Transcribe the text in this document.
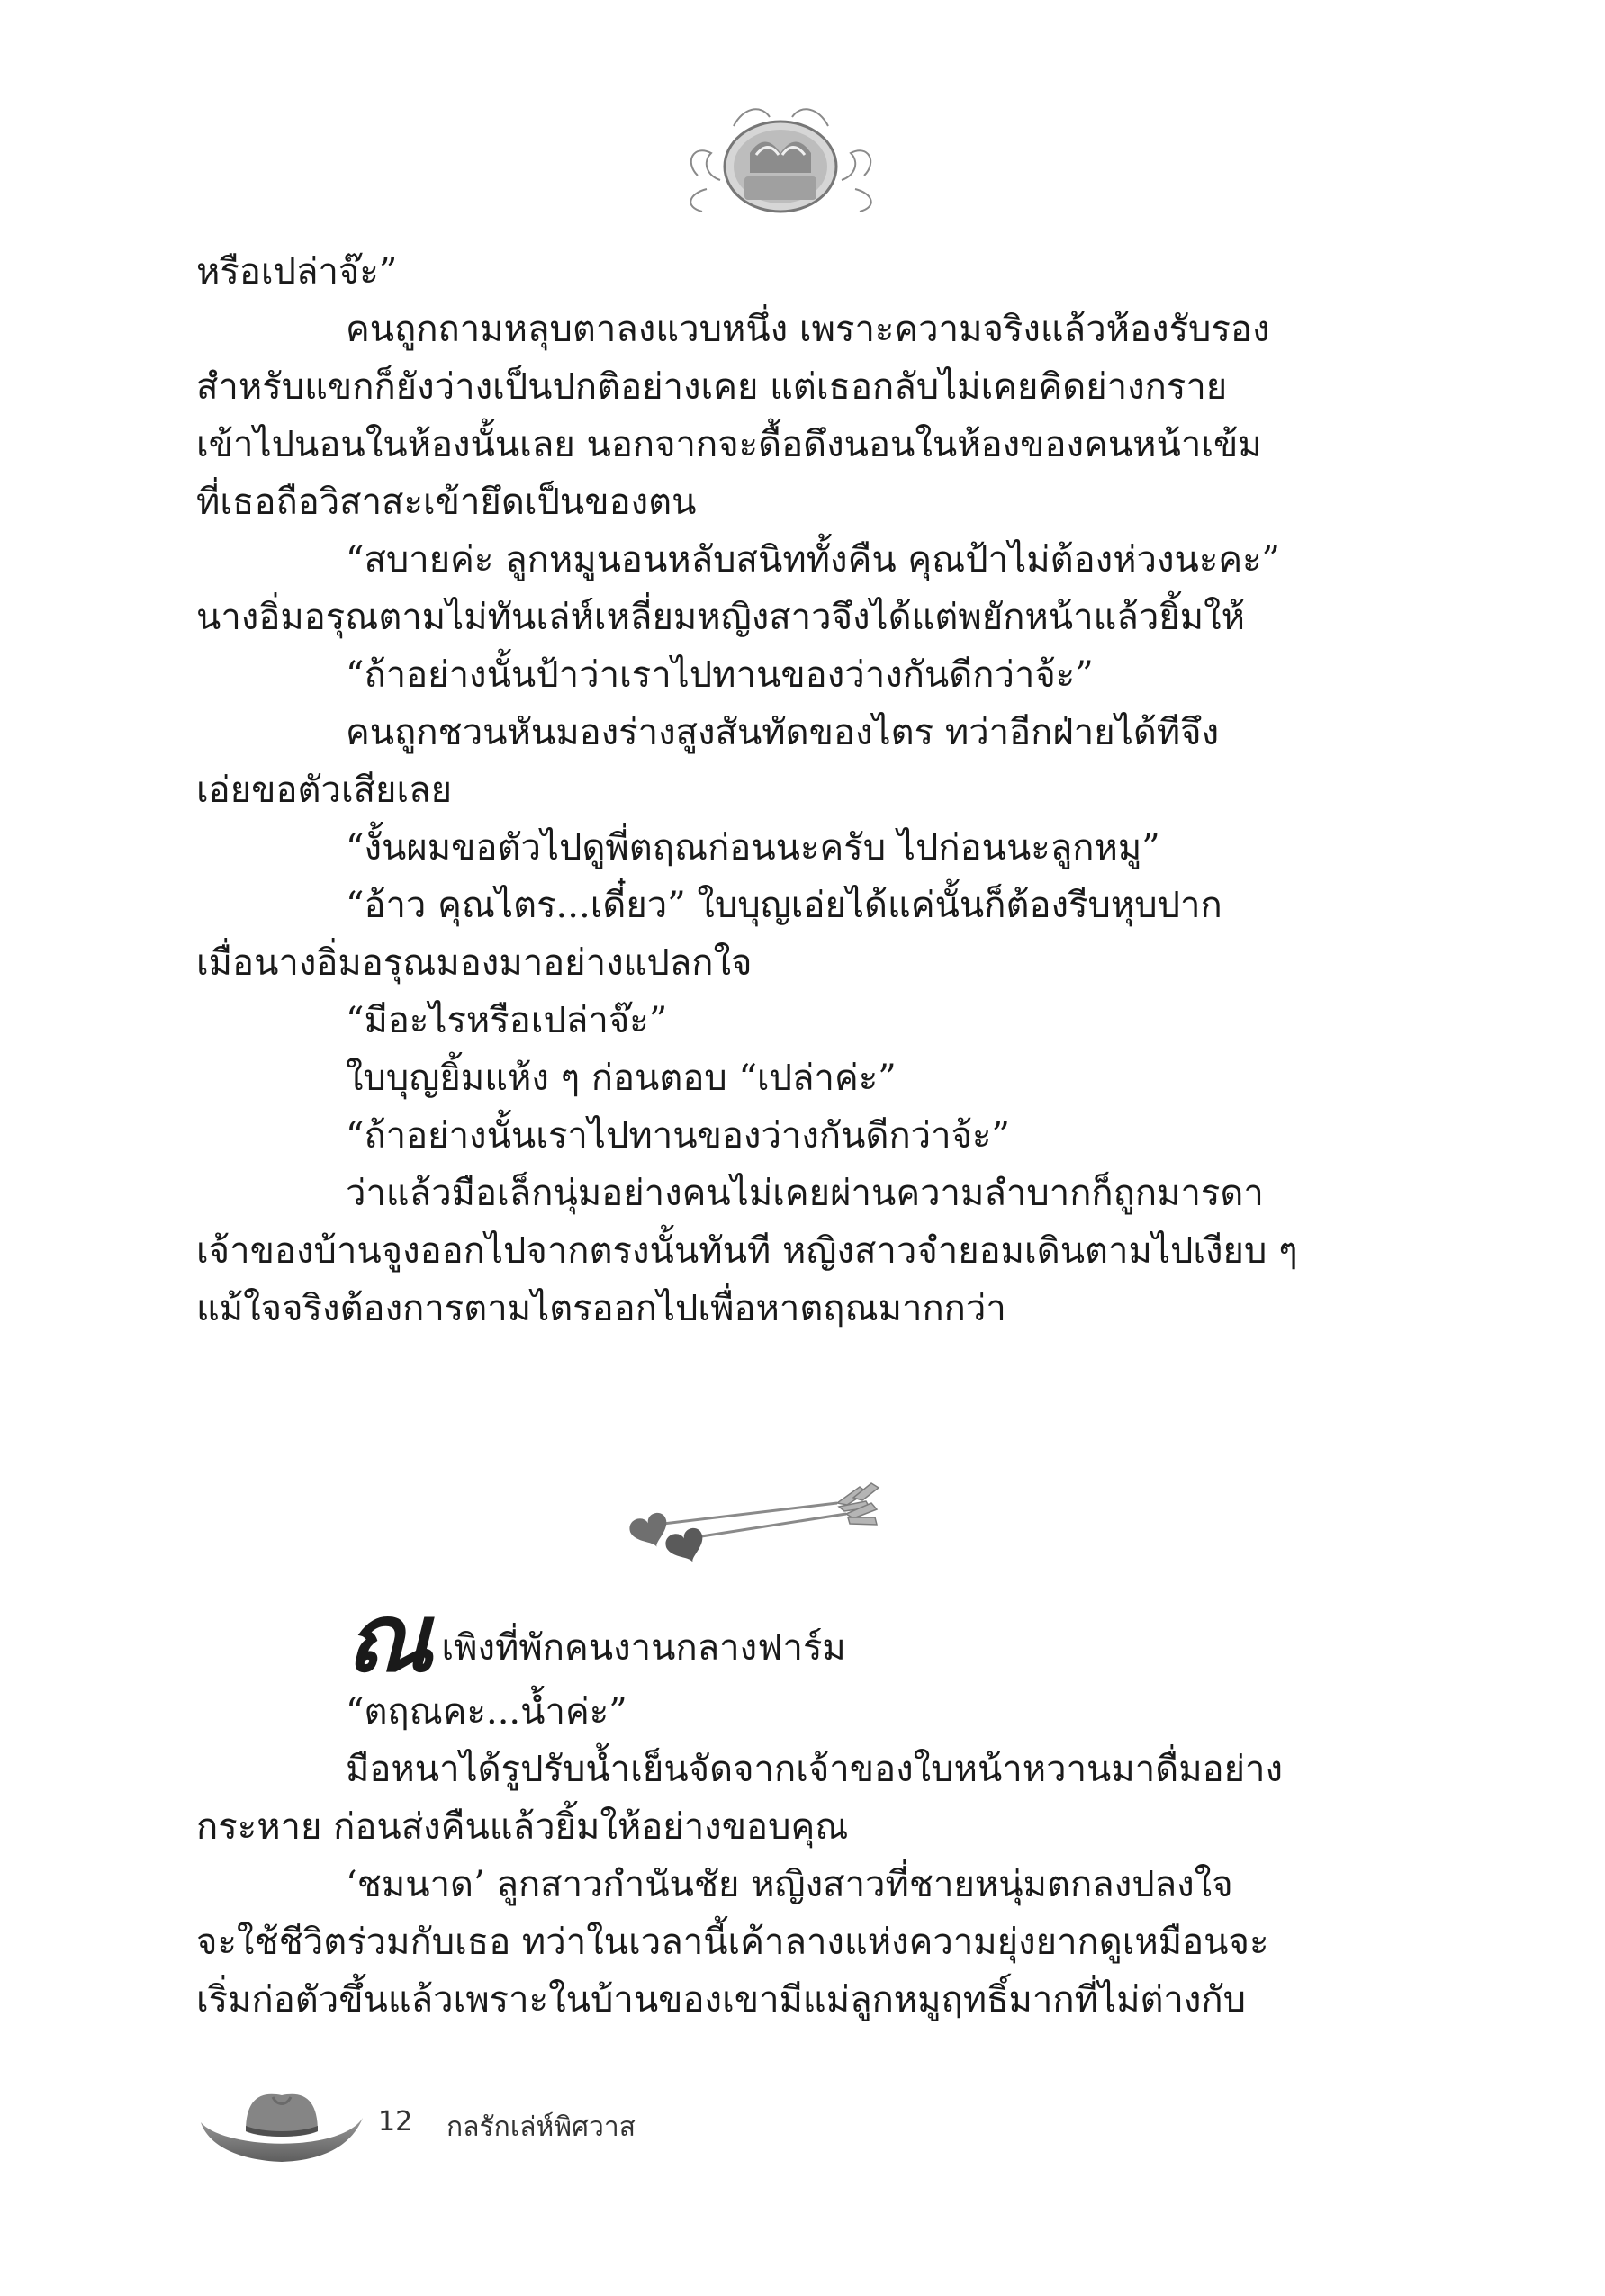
หรือเปล่าจ๊ะ”

คนถูกถามหลุบตาลงแวบหนึ่ง เพราะความจริงแล้วห้องรับรอง

สำหรับแขกก็ยังว่างเป็นปกติอย่างเคย แต่เธอกลับไม่เคยคิดย่างกราย

เข้าไปนอนในห้องนั้นเลย นอกจากจะดื้อดึงนอนในห้องของคนหน้าเข้ม

ที่เธอถือวิสาสะเข้ายึดเป็นของตน

“สบายค่ะ ลูกหมูนอนหลับสนิททั้งคืน คุณป้าไม่ต้องห่วงนะคะ”

นางอิ่มอรุณตามไม่ทันเล่ห์เหลี่ยมหญิงสาวจึงได้แต่พยักหน้าแล้วยิ้มให้

“ถ้าอย่างนั้นป้าว่าเราไปทานของว่างกันดีกว่าจ้ะ”

คนถูกชวนหันมองร่างสูงสันทัดของไตร ทว่าอีกฝ่ายได้ทีจึง

เอ่ยขอตัวเสียเลย

“งั้นผมขอตัวไปดูพี่ตฤณก่อนนะครับ ไปก่อนนะลูกหมู”

“อ้าว คุณไตร...เดี๋ยว” ใบบุญเอ่ยได้แค่นั้นก็ต้องรีบหุบปาก

เมื่อนางอิ่มอรุณมองมาอย่างแปลกใจ

“มีอะไรหรือเปล่าจ๊ะ”

ใบบุญยิ้มแห้ง ๆ ก่อนตอบ “เปล่าค่ะ”

“ถ้าอย่างนั้นเราไปทานของว่างกันดีกว่าจ้ะ”

ว่าแล้วมือเล็กนุ่มอย่างคนไม่เคยผ่านความลำบากก็ถูกมารดา

เจ้าของบ้านจูงออกไปจากตรงนั้นทันที หญิงสาวจำยอมเดินตามไปเงียบ ๆ

แม้ใจจริงต้องการตามไตรออกไปเพื่อหาตฤณมากกว่า

ณเพิงที่พักคนงานกลางฟาร์ม

“ตฤณคะ...น้ำค่ะ”

มือหนาได้รูปรับน้ำเย็นจัดจากเจ้าของใบหน้าหวานมาดื่มอย่าง

กระหาย ก่อนส่งคืนแล้วยิ้มให้อย่างขอบคุณ

‘ชมนาด’ ลูกสาวกำนันชัย หญิงสาวที่ชายหนุ่มตกลงปลงใจ

จะใช้ชีวิตร่วมกับเธอ ทว่าในเวลานี้เค้าลางแห่งความยุ่งยากดูเหมือนจะ

เริ่มก่อตัวขึ้นแล้วเพราะในบ้านของเขามีแม่ลูกหมูฤทธิ์มากที่ไม่ต่างกับ

12 กลรักเล่ห์พิศวาส
